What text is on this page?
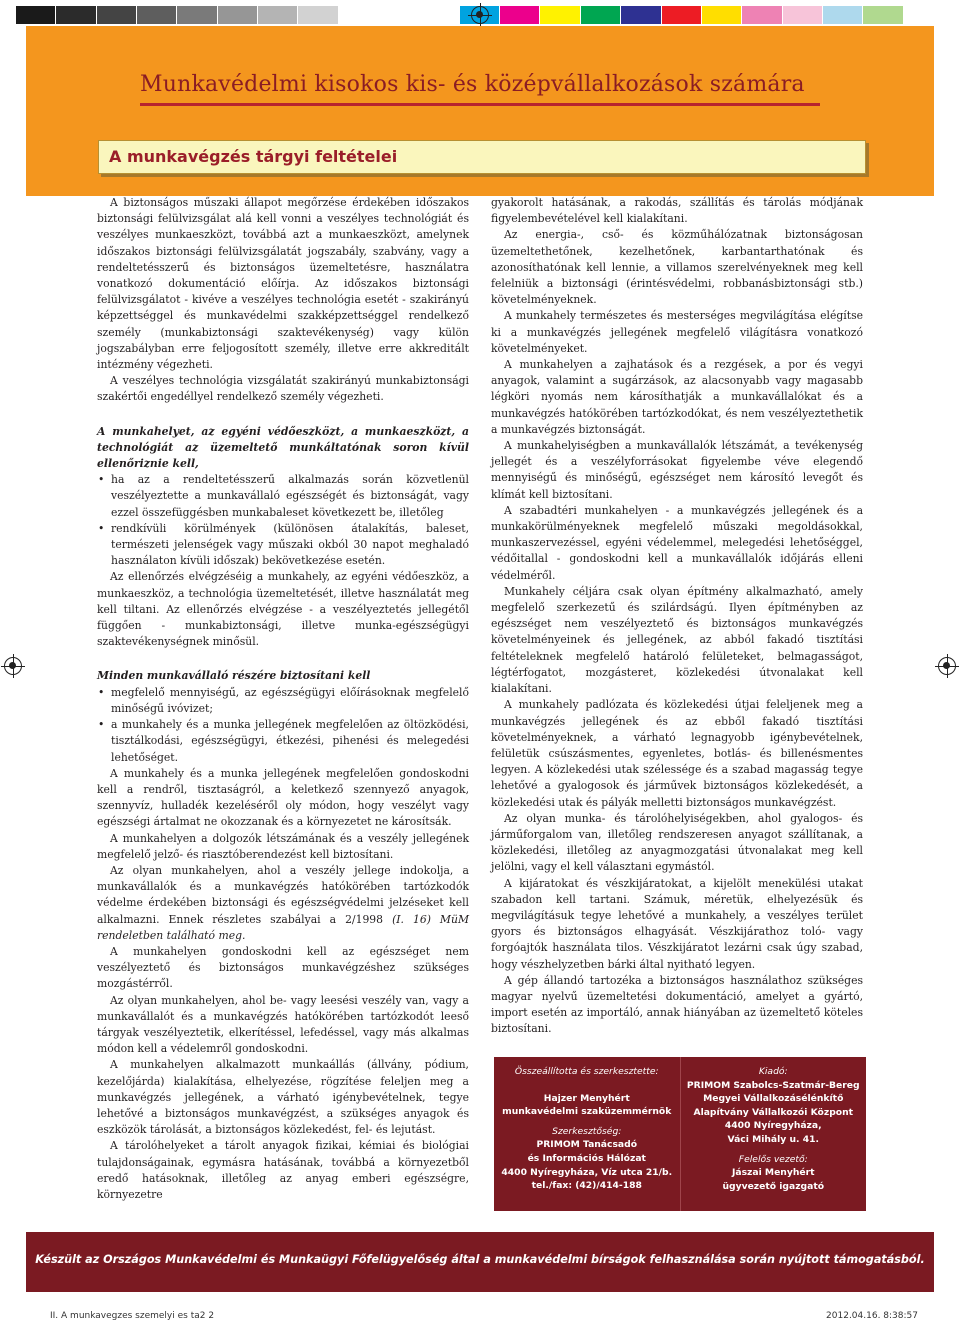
Munkavédelmi kisokos kis- és középvállalkozások számára
A munkavégzés tárgyi feltételei

A biztonságos műszaki állapot megőrzése érdekében időszakos biztonsági felülvizsgálat alá kell vonni a veszélyes technológiát és veszélyes munkaeszközt, továbbá azt a munkaeszközt, amelynek időszakos biztonsági felülvizsgálatát jogszabály, szabvány, vagy a rendeltetésszerű és biztonságos üzemeltetésre, használatra vonatkozó dokumentáció előírja. Az időszakos biztonsági felülvizsgálatot - kivéve a veszélyes technológia esetét - szakirányú képzettséggel és munkavédelmi szakképzettséggel rendelkező személy (munkabiztonsági szaktevékenység) vagy külön jogszabályban erre feljogosított személy, illetve erre akkreditált intézmény végezheti.

A veszélyes technológia vizsgálatát szakirányú munkabiztonsági szakértői engedéllyel rendelkező személy végezheti.

A munkahelyet, az egyéni védőeszközt, a munkaeszközt, a technológiát az üzemeltető munkáltatónak soron kívül ellenőriznie kell,

• ha az a rendeltetésszerű alkalmazás során közvetlenül veszélyeztette a munkavállaló egészségét és biztonságát, vagy ezzel összefüggésben munkabaleset következett be, illetőleg
• rendkívüli körülmények (különösen átalakítás, baleset, természeti jelenségek vagy műszaki okból 30 napot meghaladó használaton kívüli időszak) bekövetkezése esetén.

Az ellenőrzés elvégzéséig a munkahely, az egyéni védőeszköz, a munkaeszköz, a technológia üzemeltetését, illetve használatát meg kell tiltani. Az ellenőrzés elvégzése - a veszélyeztetés jellegétől függően - munkabiztonsági, illetve munka-egészségügyi szaktevékenységnek minősül.

Minden munkavállaló részére biztosítani kell

• megfelelő mennyiségű, az egészségügyi előírásoknak megfelelő minőségű ivóvizet;
• a munkahely és a munka jellegének megfelelően az öltözködési, tisztálkodási, egészségügyi, étkezési, pihenési és melegedési lehetőséget.

A munkahely és a munka jellegének megfelelően gondoskodni kell a rendről, tisztaságról, a keletkező szennyező anyagok, szennyvíz, hulladék kezeléséről oly módon, hogy veszélyt vagy egészségi ártalmat ne okozzanak és a környezetet ne károsítsák.

A munkahelyen a dolgozók létszámának és a veszély jellegének megfelelő jelző- és riasztóberendezést kell biztosítani.

Az olyan munkahelyen, ahol a veszély jellege indokolja, a munkavállalók és a munkavégzés hatókörében tartózkodók védelme érdekében biztonsági és egészségvédelmi jelzéseket kell alkalmazni. Ennek részletes szabályai a 2/1998 (I. 16) MüM rendeletben található meg.

A munkahelyen gondoskodni kell az egészséget nem veszélyeztető és biztonságos munkavégzéshez szükséges mozgástérről.

Az olyan munkahelyen, ahol be- vagy leesési veszély van, vagy a munkavállalót és a munkavégzés hatókörében tartózkodót leeső tárgyak veszélyeztetik, elkerítéssel, lefedéssel, vagy más alkalmas módon kell a védelemről gondoskodni.

A munkahelyen alkalmazott munkaállás (állvány, pódium, kezelőjárda) kialakítása, elhelyezése, rögzítése feleljen meg a munkavégzés jellegének, a várható igénybevételnek, tegye lehetővé a biztonságos munkavégzést, a szükséges anyagok és eszközök tárolását, a biztonságos közlekedést, fel- és lejutást.

A tárolóhelyeket a tárolt anyagok fizikai, kémiai és biológiai tulajdonságainak, egymásra hatásának, továbbá a környezetből eredő hatásoknak, illetőleg az anyag emberi egészségre, környezetre

gyakorolt hatásának, a rakodás, szállítás és tárolás módjának figyelembevételével kell kialakítani.

Az energia-, cső- és közműhálózatnak biztonságosan üzemeltethetőnek, kezelhetőnek, karbantarthatónak és azonosíthatónak kell lennie, a villamos szerelvényeknek meg kell felelniük a biztonsági (érintésvédelmi, robbanásbiztonsági stb.) követelményeknek.

A munkahely természetes és mesterséges megvilágítása elégítse ki a munkavégzés jellegének megfelelő világításra vonatkozó követelményeket.

A munkahelyen a zajhatások és a rezgések, a por és vegyi anyagok, valamint a sugárzások, az alacsonyabb vagy magasabb légköri nyomás nem károsíthatják a munkavállalókat és a munkavégzés hatókörében tartózkodókat, és nem veszélyeztethetik a munkavégzés biztonságát.

A munkahelyiségben a munkavállalók létszámát, a tevékenység jellegét és a veszélyforrásokat figyelembe véve elegendő mennyiségű és minőségű, egészséget nem károsító levegőt és klímát kell biztosítani.

A szabadtéri munkahelyen - a munkavégzés jellegének és a munkakörülményeknek megfelelő műszaki megoldásokkal, munkaszervezéssel, egyéni védelemmel, melegedési lehetőséggel, védőitallal - gondoskodni kell a munkavállalók időjárás elleni védelméről.

Munkahely céljára csak olyan építmény alkalmazható, amely megfelelő szerkezetű és szilárdságú. Ilyen építményben az egészséget nem veszélyeztető és biztonságos munkavégzés követelményeinek és jellegének, az abból fakadó tisztítási feltételeknek megfelelő határoló felületeket, belmagasságot, légtérfogatot, mozgásteret, közlekedési útvonalakat kell kialakítani.

A munkahely padlózata és közlekedési útjai feleljenek meg a munkavégzés jellegének és az ebből fakadó tisztítási követelményeknek, a várható legnagyobb igénybevételnek, felületük csúszásmentes, egyenletes, botlás- és billenésmentes legyen. A közlekedési utak szélessége és a szabad magasság tegye lehetővé a gyalogosok és járművek biztonságos közlekedését, a közlekedési utak és pályák melletti biztonságos munkavégzést.

Az olyan munka- és tárolóhelyiségekben, ahol gyalogos- és járműforgalom van, illetőleg rendszeresen anyagot szállítanak, a közlekedési, illetőleg az anyagmozgatási útvonalakat meg kell jelölni, vagy el kell választani egymástól.

A kijáratokat és vészkijáratokat, a kijelölt menekülési utakat szabadon kell tartani. Számuk, méretük, elhelyezésük és megvilágításuk tegye lehetővé a munkahely, a veszélyes terület gyors és biztonságos elhagyását. Vészkijárathoz toló- vagy forgóajtók használata tilos. Vészkijáratot lezárni csak úgy szabad, hogy vészhelyzetben bárki által nyitható legyen.

A gép állandó tartozéka a biztonságos használathoz szükséges magyar nyelvű üzemeltetési dokumentáció, amelyet a gyártó, import esetén az importáló, annak hiányában az üzemeltető köteles biztosítani.

Összeállította és szerkesztette:
Hajzer Menyhért
munkavédelmi szaküzemmérnök
Szerkesztőség:
PRIMOM Tanácsadó
és Információs Hálózat
4400 Nyíregyháza, Víz utca 21/b.
tel./fax: (42)/414-188
Kiadó:
PRIMOM Szabolcs-Szatmár-Bereg
Megyei Vállalkozásélénkítő
Alapítvány Vállalkozói Központ
4400 Nyíregyháza,
Váci Mihály u. 41.
Felelős vezető:
Jászai Menyhért
ügyvezető igazgató
Készült az Országos Munkavédelmi és Munkaügyi Főfelügyelőség által a munkavédelmi bírságok felhasználása során nyújtott támogatásból.
II. A munkavegzes szemelyi es ta2 2	2012.04.16. 8:38:57
